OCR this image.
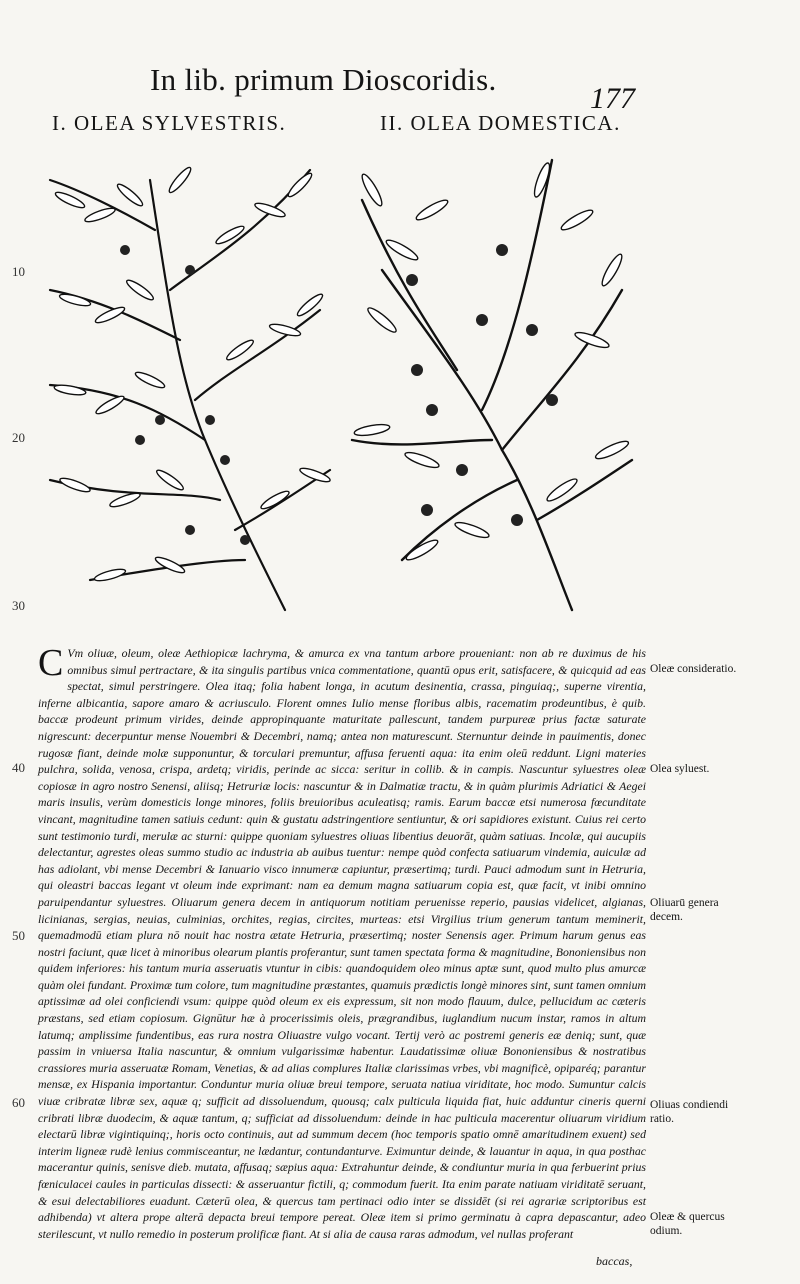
In lib. primum Dioscoridis.
177
I. OLEA SYLVESTRIS.	II. OLEA DOMESTICA.
10
20
30
40
50
60

C Vm oliuæ, oleum, oleæ Aethiopicæ lachryma, & amurca ex vna tantum arbore proueniant: non ab re duximus de his omnibus simul pertractare, & ita singulis partibus vnica commentatione, quantū opus erit, satisfacere, & quicquid ad eas spectat, simul perstringere. Olea itaq; folia habent longa, in acutum desinentia, crassa, pinguiaq;, superne virentia, inferne albicantia, sapore amaro & acriusculo. Florent omnes Iulio mense floribus albis, racematim prodeuntibus, è quib. baccæ prodeunt primum virides, deinde appropinquante maturitate pallescunt, tandem purpureæ prius factæ saturate nigrescunt: decerpuntur mense Nouembri & Decembri, namq; antea non maturescunt. Sternuntur deinde in pauimentis, donec rugosæ fiant, deinde molæ supponuntur, & torculari premuntur, affusa feruenti aqua: ita enim oleū reddunt. Ligni materies pulchra, solida, venosa, crispa, ardetq; viridis, perinde ac sicca: seritur in collib. & in campis. Nascuntur syluestres oleæ copiosæ in agro nostro Senensi, aliisq; Hetruriæ locis: nascuntur & in Dalmatiæ tractu, & in quàm plurimis Adriatici & Aegei maris insulis, verùm domesticis longe minores, foliis breuioribus aculeatisq; ramis. Earum baccæ etsi numerosa fœcunditate vincant, magnitudine tamen satiuis cedunt: quin & gustatu adstringentiore sentiuntur, & ori sapidiores existunt. Cuius rei certo sunt testimonio turdi, merulæ ac sturni: quippe quoniam syluestres oliuas libentius deuorāt, quàm satiuas. Incolæ, qui aucupiis delectantur, agrestes oleas summo studio ac industria ab auibus tuentur: nempe quòd confecta satiuarum vindemia, auiculæ ad has adiolant, vbi mense Decembri & Ianuario visco innumeræ capiuntur, præsertimq; turdi. Pauci admodum sunt in Hetruria, qui oleastri baccas legant vt oleum inde exprimant: nam ea demum magna satiuarum copia est, quæ facit, vt inibi omnino paruipendantur syluestres. Oliuarum genera decem in antiquorum notitiam peruenisse reperio, pausias videlicet, algianas, licinianas, sergias, neuias, culminias, orchites, regias, circites, murteas: etsi Virgilius trium generum tantum meminerit, quemadmodū etiam plura nō nouit hac nostra ætate Hetruria, præsertimq; noster Senensis ager. Primum harum genus eas nostri faciunt, quæ licet à minoribus olearum plantis proferantur, sunt tamen spectata forma & magnitudine, Bononiensibus non quidem inferiores: his tantum muria asseruatis vtuntur in cibis: quandoquidem oleo minus aptæ sunt, quod multo plus amurcæ quàm olei fundant. Proximæ tum colore, tum magnitudine præstantes, quamuis prædictis longè minores sint, sunt tamen omnium aptissimæ ad olei conficiendi vsum: quippe quòd oleum ex eis expressum, sit non modo flauum, dulce, pellucidum ac cæteris præstans, sed etiam copiosum. Gignūtur hæ à procerissimis oleis, prægrandibus, iuglandium nucum instar, ramos in altum latumq; amplissime fundentibus, eas rura nostra Oliuastre vulgo vocant. Tertij verò ac postremi generis eæ deniq; sunt, quæ passim in vniuersa Italia nascuntur, & omnium vulgarissimæ habentur. Laudatissimæ oliuæ Bononiensibus & nostratibus crassiores muria asseruatæ Romam, Venetias, & ad alias complures Italiæ clarissimas vrbes, vbi magnificè, opiparéq; parantur mensæ, ex Hispania importantur. Conduntur muria oliuæ breui tempore, seruata natiua viriditate, hoc modo. Sumuntur calcis viuæ cribratæ libræ sex, aquæ q; sufficit ad dissoluendum, quousq; calx pulticula liquida fiat, huic adduntur cineris querni cribrati libræ duodecim, & aquæ tantum, q; sufficiat ad dissoluendum: deinde in hac pulticula macerentur oliuarum viridium electarū libræ vigintiquinq;, horis octo continuis, aut ad summum decem (hoc temporis spatio omnē amaritudinem exuent) sed interim ligneæ rudè lenius commisceantur, ne lædantur, contundanturve. Eximuntur deinde, & lauantur in aqua, in qua posthac macerantur quinis, senisve dieb. mutata, affusaq; sæpius aqua: Extrahuntur deinde, & condiuntur muria in qua ferbuerint prius fœniculacei caules in particulas dissecti: & asseruantur fictili, q; commodum fuerit. Ita enim parate natiuam viriditatē seruant, & esui delectabiliores euadunt. Cæterū olea, & quercus tam pertinaci odio inter se dissidēt (si rei agrariæ scriptoribus est adhibenda) vt altera prope alterā depacta breui tempore pereat. Oleæ item si primo germinatu à capra depascantur, adeo sterilescunt, vt nullo remedio in posterum prolificæ fiant. At si alia de causa raras admodum, vel nullas proferant

Oleæ consideratio.
Olea syluest.
Oliuarū genera decem.
Oliuas condiendi ratio.
Oleæ & quercus odium.
baccas,
